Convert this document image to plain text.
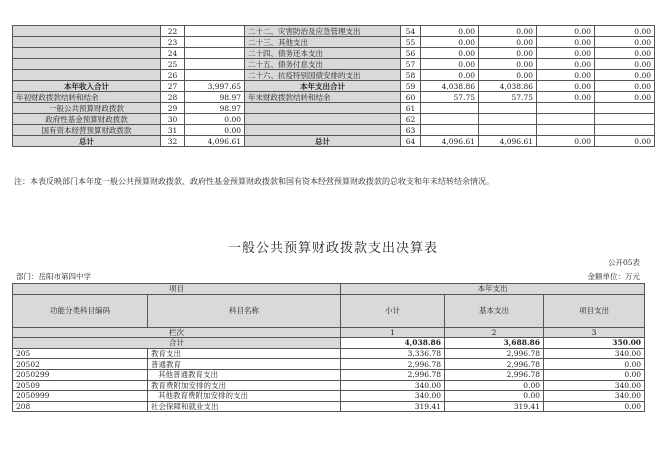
	22		二十二、灾害防治及应急管理支出	54	0.00	0.00	0.00	0.00
	23		二十三、其他支出	55	0.00	0.00	0.00	0.00
	24		二十四、债务还本支出	56	0.00	0.00	0.00	0.00
	25		二十五、债务付息支出	57	0.00	0.00	0.00	0.00
	26		二十六、抗疫特别国债安排的支出	58	0.00	0.00	0.00	0.00
本年收入合计	27	3,997.65	本年支出合计	59	4,038.86	4,038.86	0.00	0.00
年初财政拨款结转和结余	28	98.97	年末财政拨款结转和结余	60	57.75	57.75	0.00	0.00
一般公共预算财政拨款	29	98.97		61				
政府性基金预算财政拨款	30	0.00		62				
国有资本经营预算财政拨款	31	0.00		63				
总计	32	4,096.61	总计	64	4,096.61	4,096.61	0.00	0.00
注：本表反映部门本年度一般公共预算财政拨款、政府性基金预算财政拨款和国有资本经营预算财政拨款的总收支和年末结转结余情况。
一般公共预算财政拨款支出决算表
公开05表
部门：岳阳市第四中学	金额单位：万元
项目		本年支出		
功能分类科目编码	科目名称	小计	基本支出	项目支出
栏次		1	2	3
合计		4,038.86	3,688.86	350.00
205	教育支出	3,336.78	2,996.78	340.00
20502	普通教育	2,996.78	2,996.78	0.00
2050299	其他普通教育支出	2,996.78	2,996.78	0.00
20509	教育费附加安排的支出	340.00	0.00	340.00
2050999	其他教育费附加安排的支出	340.00	0.00	340.00
208	社会保障和就业支出	319.41	319.41	0.00
